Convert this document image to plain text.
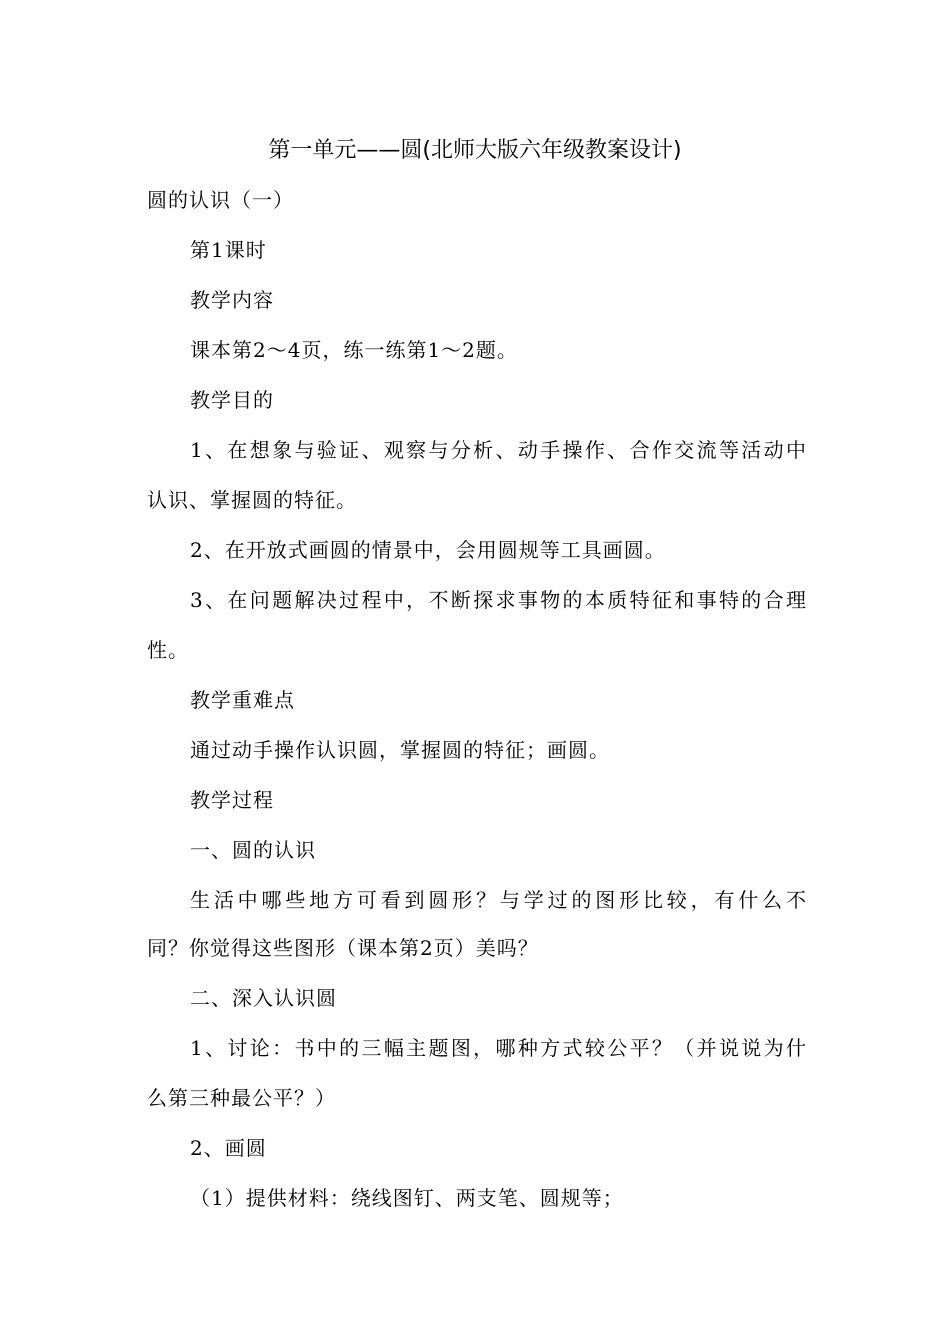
第一单元——圆(北师大版六年级教案设计)
圆的认识（一）
第1课时
教学内容
课本第2～4页，练一练第1～2题。
教学目的
1、在想象与验证、观察与分析、动手操作、合作交流等活动中
认识、掌握圆的特征。
2、在开放式画圆的情景中，会用圆规等工具画圆。
3、在问题解决过程中，不断探求事物的本质特征和事特的合理
性。
教学重难点
通过动手操作认识圆，掌握圆的特征；画圆。
教学过程
一、圆的认识
生活中哪些地方可看到圆形？与学过的图形比较，有什么不
同？你觉得这些图形（课本第2页）美吗？
二、深入认识圆
1、讨论：书中的三幅主题图，哪种方式较公平？（并说说为什
么第三种最公平？）
2、画圆
（1）提供材料：绕线图钉、两支笔、圆规等；
